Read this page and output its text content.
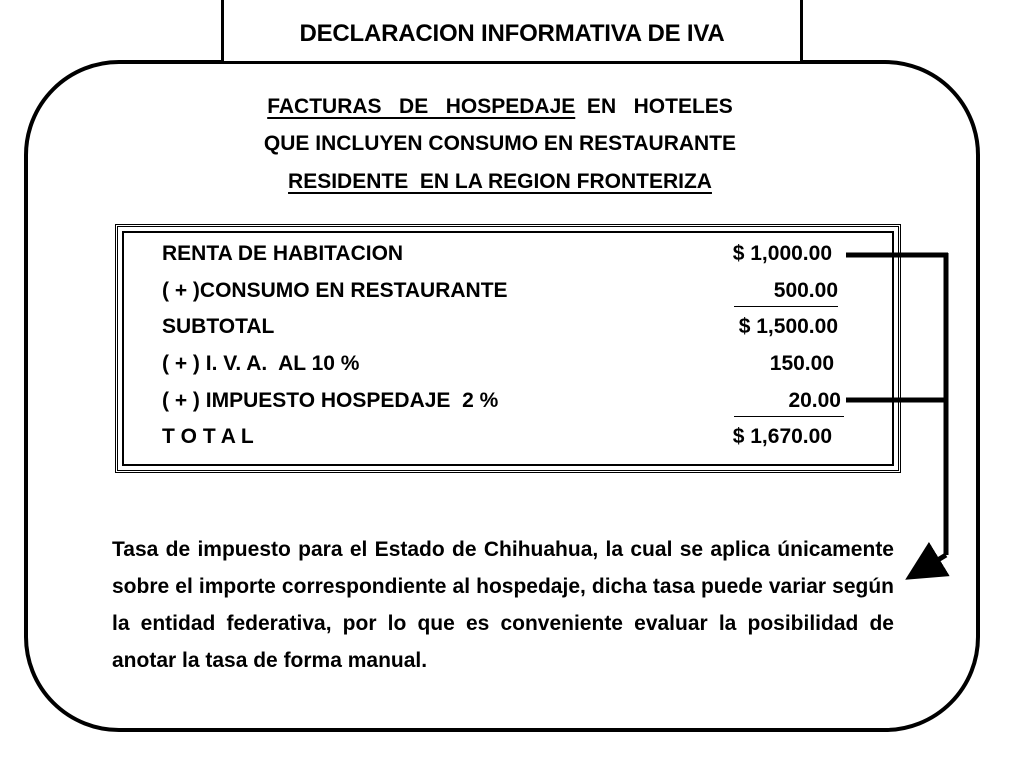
DECLARACION INFORMATIVA DE IVA
FACTURAS   DE   HOSPEDAJE  EN   HOTELES
QUE INCLUYEN CONSUMO EN RESTAURANTE
RESIDENTE  EN LA REGION FRONTERIZA
RENTA DE HABITACION	$ 1,000.00
( + )CONSUMO EN RESTAURANTE	500.00
SUBTOTAL	$ 1,500.00
( + ) I. V. A.  AL 10 %	150.00
( + ) IMPUESTO HOSPEDAJE  2 %	20.00
T O T A L	$ 1,670.00
Tasa de impuesto para el Estado de Chihuahua, la cual se aplica únicamente sobre el importe correspondiente al hospedaje, dicha tasa puede variar según la entidad federativa, por lo que es conveniente evaluar la posibilidad de anotar la tasa de forma manual.
